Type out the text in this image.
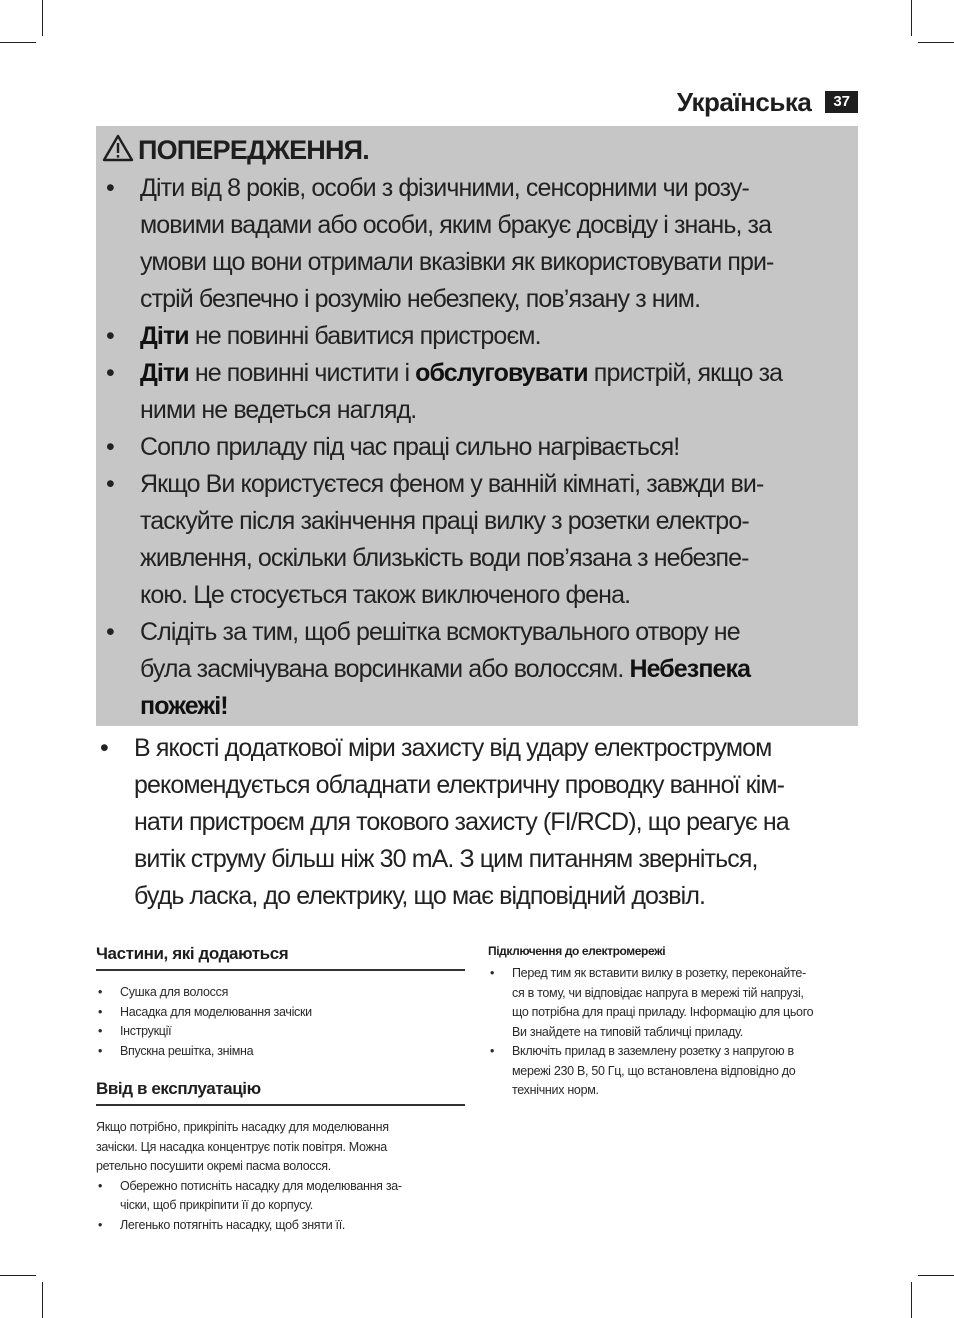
Українська	37
ПОПЕРЕДЖЕННЯ.
• Діти від 8 років, особи з фізичними, сенсорними чи розу-
мовими вадами або особи, яким бракує досвіду і знань, за
умови що вони отримали вказівки як використовувати при-
стрій безпечно і розумію небезпеку, пов’язану з ним.
• Діти не повинні бавитися пристроєм.
• Діти не повинні чистити і обслуговувати пристрій, якщо за
ними не ведеться нагляд.
• Сопло приладу під час праці сильно нагрівається!
• Якщо Ви користуєтеся феном у ванній кімнаті, завжди ви-
таскуйте після закінчення праці вилку з розетки електро-
живлення, оскільки близькість води пов’язана з небезпе-
кою. Це стосується також виключеного фена.
• Слідіть за тим, щоб решітка всмоктувального отвору не
була засмічувана ворсинками або волоссям. Небезпека
пожежі!
• В якості додаткової міри захисту від удару електрострумом
рекомендується обладнати електричну проводку ванної кім-
нати пристроєм для токового захисту (FI/RCD), що реагує на
витік струму більш ніж 30 mA. З цим питанням зверніться,
будь ласка, до електрику, що має відповідний дозвіл.
Частини, які додаються
• Сушка для волосся
• Насадка для моделювання зачіски
• Інструкції
• Впускна решітка, знімна
Ввід в експлуатацію

Якщо потрібно, прикріпіть насадку для моделювання
зачіски. Ця насадка концентрує потік повітря. Можна
ретельно посушити окремі пасма волосся.

• Обережно потисніть насадку для моделювання за-
чіски, щоб прикріпити її до корпусу.
• Легенько потягніть насадку, щоб зняти її.
Підключення до електромережі
• Перед тим як вставити вилку в розетку, переконайте-
ся в тому, чи відповідає напруга в мережі тій напрузі,
що потрібна для праці приладу. Інформацію для цього
Ви знайдете на типовій табличці приладу.
• Включіть прилад в заземлену розетку з напругою в
мережі 230 В, 50 Гц, що встановлена відповідно до
технічних норм.
